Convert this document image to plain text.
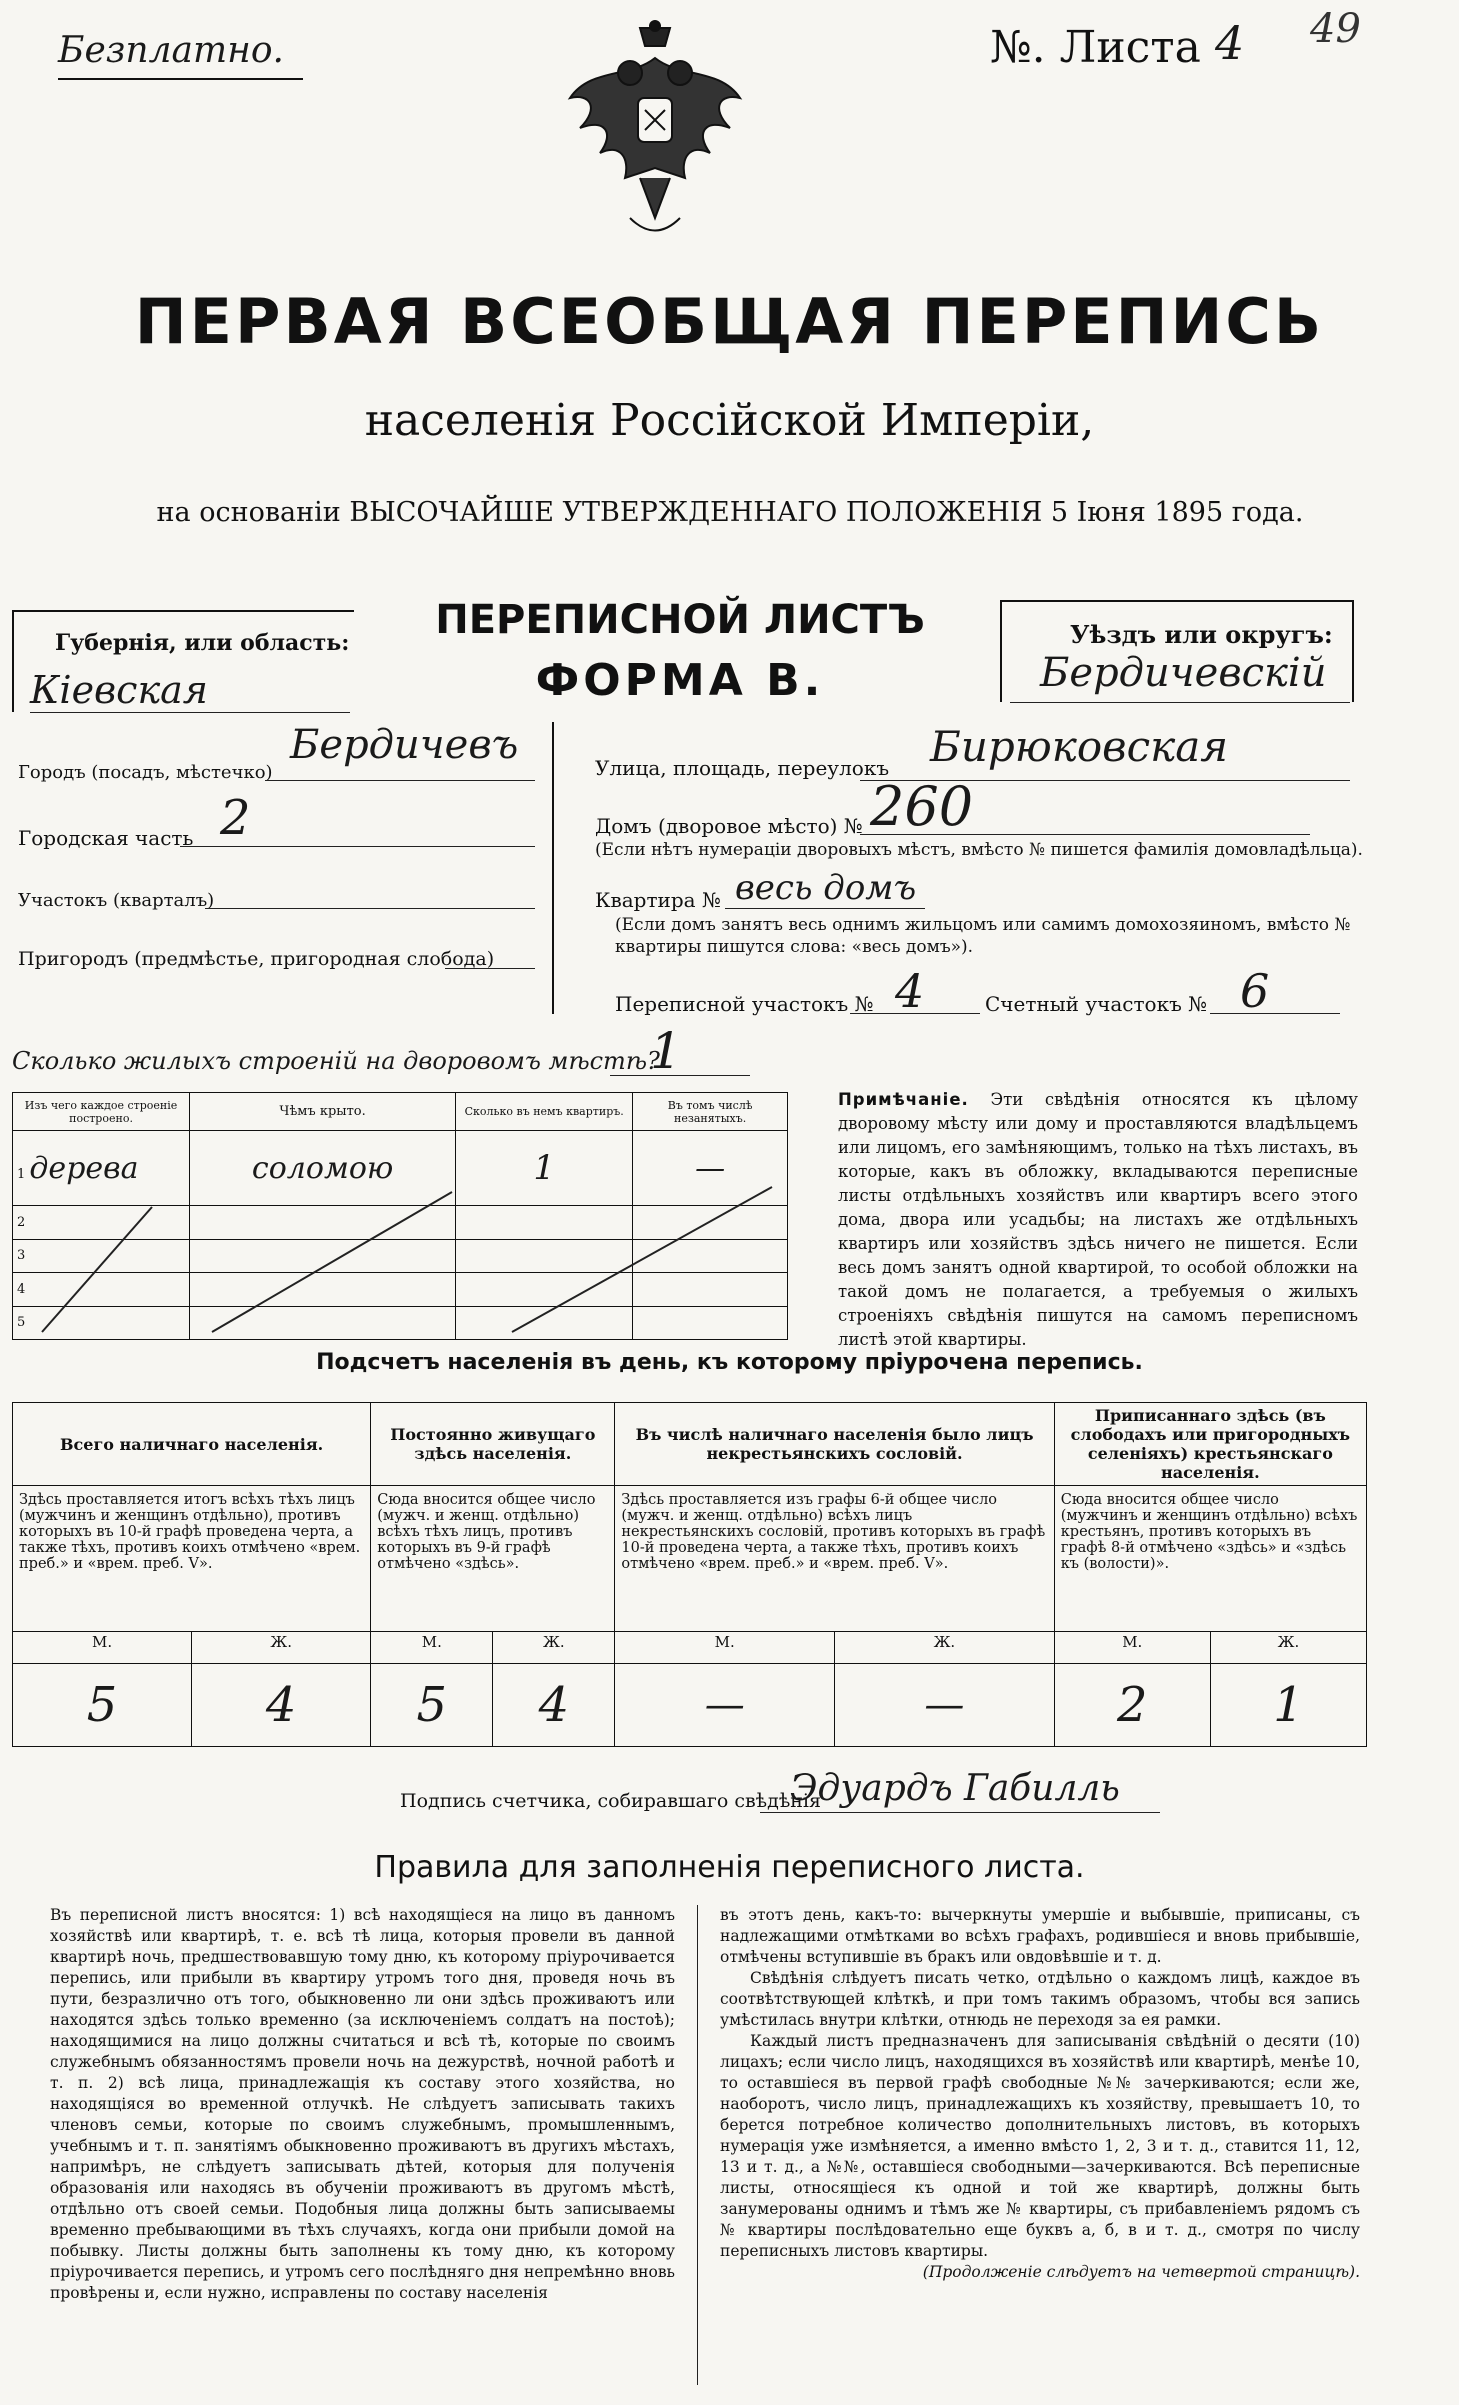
Безплатно.	№. Листа 4 49
ПЕРВАЯ ВСЕОБЩАЯ ПЕРЕПИСЬ
населенія Россійской Имперіи,
на основаніи ВЫСОЧАЙШЕ УТВЕРЖДЕННАГО ПОЛОЖЕНІЯ 5 Іюня 1895 года.
Губернія, или область:
Кіевская
ПЕРЕПИСНОЙ ЛИСТЪ
ФОРМА В.
Уѣздъ или округъ:
Бердичевскій
Городъ (посадъ, мѣстечко)
Бердичевъ
Городская часть 2
Участокъ (кварталъ)
Пригородъ (предмѣстье, пригородная слобода)
Улица, площадь, переулокъ Бирюковская
Домъ (дворовое мѣсто) № 260
(Если нѣтъ нумераціи дворовыхъ мѣстъ, вмѣсто № пишется фамилія домовладѣльца).
Квартира № весь домъ
(Если домъ занятъ весь однимъ жильцомъ или самимъ домохозяиномъ, вмѣсто № квартиры пишутся слова: «весь домъ»).
Переписной участокъ № 4	Счетный участокъ № 6
Сколько жилыхъ строеній на дворовомъ мѣстѣ?
1
Изъ чего каждое строеніе построено.	Чѣмъ крыто.	Сколько въ немъ квартиръ.	Въ томъ числѣ незанятыхъ.
1 дерева	соломою	1	—
2			
3			
4			
5			
Примѣчаніе. Эти свѣдѣнія относятся къ цѣлому дворовому мѣсту или дому и проставляются владѣльцемъ или лицомъ, его замѣняющимъ, только на тѣхъ листахъ, въ которые, какъ въ обложку, вкладываются переписные листы отдѣльныхъ хозяйствъ или квартиръ всего этого дома, двора или усадьбы; на листахъ же отдѣльныхъ квартиръ или хозяйствъ здѣсь ничего не пишется. Если весь домъ занятъ одной квартирой, то особой обложки на такой домъ не полагается, а требуемыя о жилыхъ строеніяхъ свѣдѣнія пишутся на самомъ переписномъ листѣ этой квартиры.
Подсчетъ населенія въ день, къ которому пріурочена перепись.
Всего наличнаго населенія.		Постоянно живущаго здѣсь населенія.		Въ числѣ наличнаго населенія было лицъ некрестьянскихъ сословій.		Приписаннаго здѣсь (въ слободахъ или пригородныхъ селеніяхъ) крестьянскаго населенія.	
Здѣсь проставляется итогъ всѣхъ тѣхъ лицъ (мужчинъ и женщинъ отдѣльно), противъ которыхъ въ 10-й графѣ проведена черта, а также тѣхъ, противъ коихъ отмѣчено «врем. преб.» и «врем. преб. V».		Сюда вносится общее число (мужч. и женщ. отдѣльно) всѣхъ тѣхъ лицъ, противъ которыхъ въ 9-й графѣ отмѣчено «здѣсь».		Здѣсь проставляется изъ графы 6-й общее число (мужч. и женщ. отдѣльно) всѣхъ лицъ некрестьянскихъ сословій, противъ которыхъ въ графѣ 10-й проведена черта, а также тѣхъ, противъ коихъ отмѣчено «врем. преб.» и «врем. преб. V».		Сюда вносится общее число (мужчинъ и женщинъ отдѣльно) всѣхъ крестьянъ, противъ которыхъ въ графѣ 8-й отмѣчено «здѣсь» и «здѣсь къ (волости)».	
М.	Ж.	М.	Ж.	М.	Ж.	М.	Ж.
5	4	5	4	—	—	2	1
Подпись счетчика, собиравшаго свѣдѣнія
Эдуардъ Габилль
Правила для заполненія переписного листа.
Въ переписной листъ вносятся: 1) всѣ находящіеся на лицо въ данномъ хозяйствѣ или квартирѣ, т. е. всѣ тѣ лица, которыя провели въ данной квартирѣ ночь, предшествовавшую тому дню, къ которому пріурочивается перепись, или прибыли въ квартиру утромъ того дня, проведя ночь въ пути, безразлично отъ того, обыкновенно ли они здѣсь проживаютъ или находятся здѣсь только временно (за исключеніемъ солдатъ на постоѣ); находящимися на лицо должны считаться и всѣ тѣ, которые по своимъ служебнымъ обязанностямъ провели ночь на дежурствѣ, ночной работѣ и т. п. 2) всѣ лица, принадлежащія къ составу этого хозяйства, но находящіяся во временной отлучкѣ. Не слѣдуетъ записывать такихъ членовъ семьи, которые по своимъ служебнымъ, промышленнымъ, учебнымъ и т. п. занятіямъ обыкновенно проживаютъ въ другихъ мѣстахъ, напримѣръ, не слѣдуетъ записывать дѣтей, которыя для полученія образованія или находясь въ обученіи проживаютъ въ другомъ мѣстѣ, отдѣльно отъ своей семьи. Подобныя лица должны быть записываемы временно пребывающими въ тѣхъ случаяхъ, когда они прибыли домой на побывку. Листы должны быть заполнены къ тому дню, къ которому пріурочивается перепись, и утромъ сего послѣдняго дня непремѣнно вновь провѣрены и, если нужно, исправлены по составу населенія
въ этотъ день, какъ-то: вычеркнуты умершіе и выбывшіе, приписаны, съ надлежащими отмѣтками во всѣхъ графахъ, родившіеся и вновь прибывшіе, отмѣчены вступившіе въ бракъ или овдовѣвшіе и т. д.
Свѣдѣнія слѣдуетъ писать четко, отдѣльно о каждомъ лицѣ, каждое въ соотвѣтствующей клѣткѣ, и при томъ такимъ образомъ, чтобы вся запись умѣстилась внутри клѣтки, отнюдь не переходя за ея рамки.
Каждый листъ предназначенъ для записыванія свѣдѣній о десяти (10) лицахъ; если число лицъ, находящихся въ хозяйствѣ или квартирѣ, менѣе 10, то оставшіеся въ первой графѣ свободные №№ зачеркиваются; если же, наоборотъ, число лицъ, принадлежащихъ къ хозяйству, превышаетъ 10, то берется потребное количество дополнительныхъ листовъ, въ которыхъ нумерація уже измѣняется, а именно вмѣсто 1, 2, 3 и т. д., ставится 11, 12, 13 и т. д., а №№, оставшіеся свободными—зачеркиваются. Всѣ переписные листы, относящіеся къ одной и той же квартирѣ, должны быть занумерованы однимъ и тѣмъ же № квартиры, съ прибавленіемъ рядомъ съ № квартиры послѣдовательно еще буквъ а, б, в и т. д., смотря по числу переписныхъ листовъ квартиры.
(Продолженіе слѣдуетъ на четвертой страницѣ).
